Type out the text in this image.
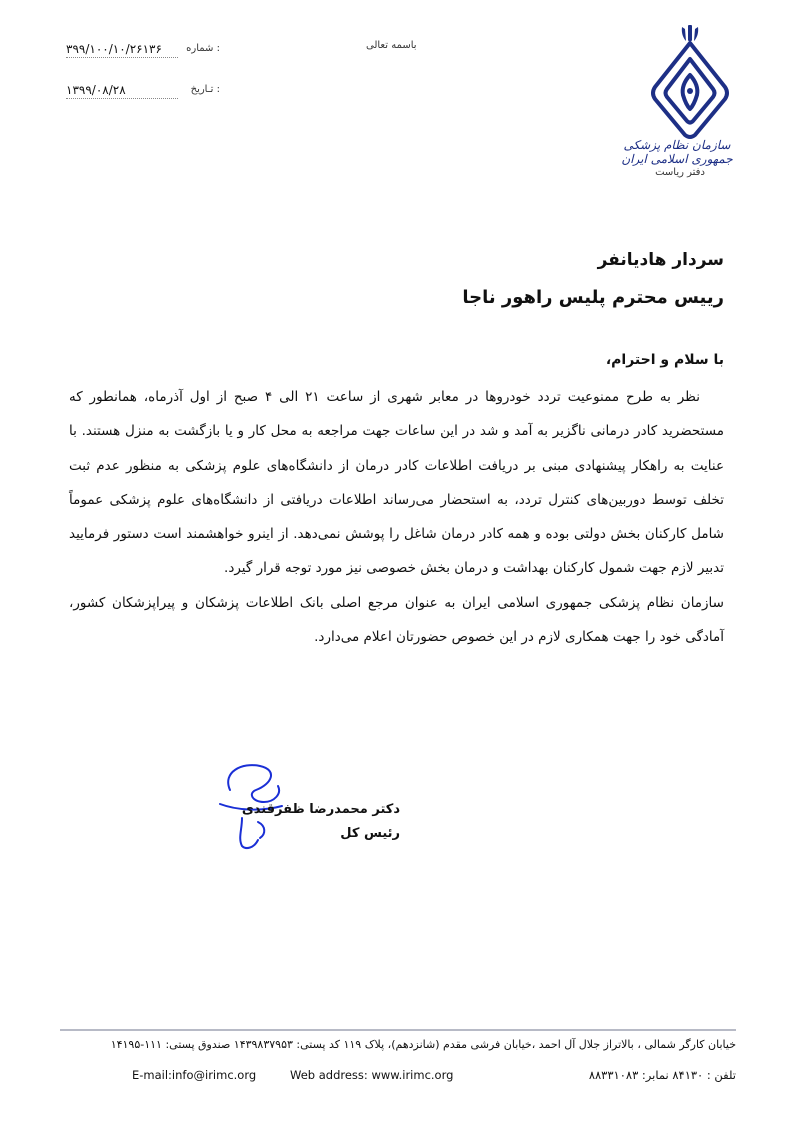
سازمان نظام پزشکی جمهوری اسلامی ایران
دفتر ریاست
باسمه تعالی
شماره :
۳۹۹/۱۰۰/۱۰/۲۶۱۳۶
تـاریخ :
۱۳۹۹/۰۸/۲۸
سردار هادیانفر
رییس محترم پلیس راهور ناجا
با سلام و احترام،

نظر به طرح ممنوعیت تردد خودروها در معابر شهری از ساعت ۲۱ الی ۴ صبح از اول آذرماه، همانطور که مستحضرید کادر درمانی ناگزیر به آمد و شد در این ساعات جهت مراجعه به محل کار و یا بازگشت به منزل هستند. با عنایت به راهکار پیشنهادی مبنی بر دریافت اطلاعات کادر درمان از دانشگاه‌های علوم پزشکی به منظور عدم ثبت تخلف توسط دوربین‌های کنترل تردد، به استحضار می‌رساند اطلاعات دریافتی از دانشگاه‌های علوم پزشکی عموماً شامل کارکنان بخش دولتی بوده و همه کادر درمان شاغل را پوشش نمی‌دهد. از اینرو خواهشمند است دستور فرمایید تدبیر لازم جهت شمول کارکنان بهداشت و درمان بخش خصوصی نیز مورد توجه قرار گیرد.

سازمان نظام پزشکی جمهوری اسلامی ایران به عنوان مرجع اصلی بانک اطلاعات پزشکان و پیراپزشکان کشور، آمادگی خود را جهت همکاری لازم در این خصوص حضورتان اعلام می‌دارد.

دکتر محمدرضا ظفرقندی
رئیس کل
خیابان کارگر شمالی ، بالاتراز جلال آل احمد ،خیابان فرشی مقدم (شانزدهم)، پلاک ۱۱۹ کد پستی: ۱۴۳۹۸۳۷۹۵۳ صندوق پستی: ۱۱۱-۱۴۱۹۵
تلفن : ۸۴۱۳۰ نمابر: ۸۸۳۳۱۰۸۳
Web address: www.irimc.org
E-mail:info@irimc.org
